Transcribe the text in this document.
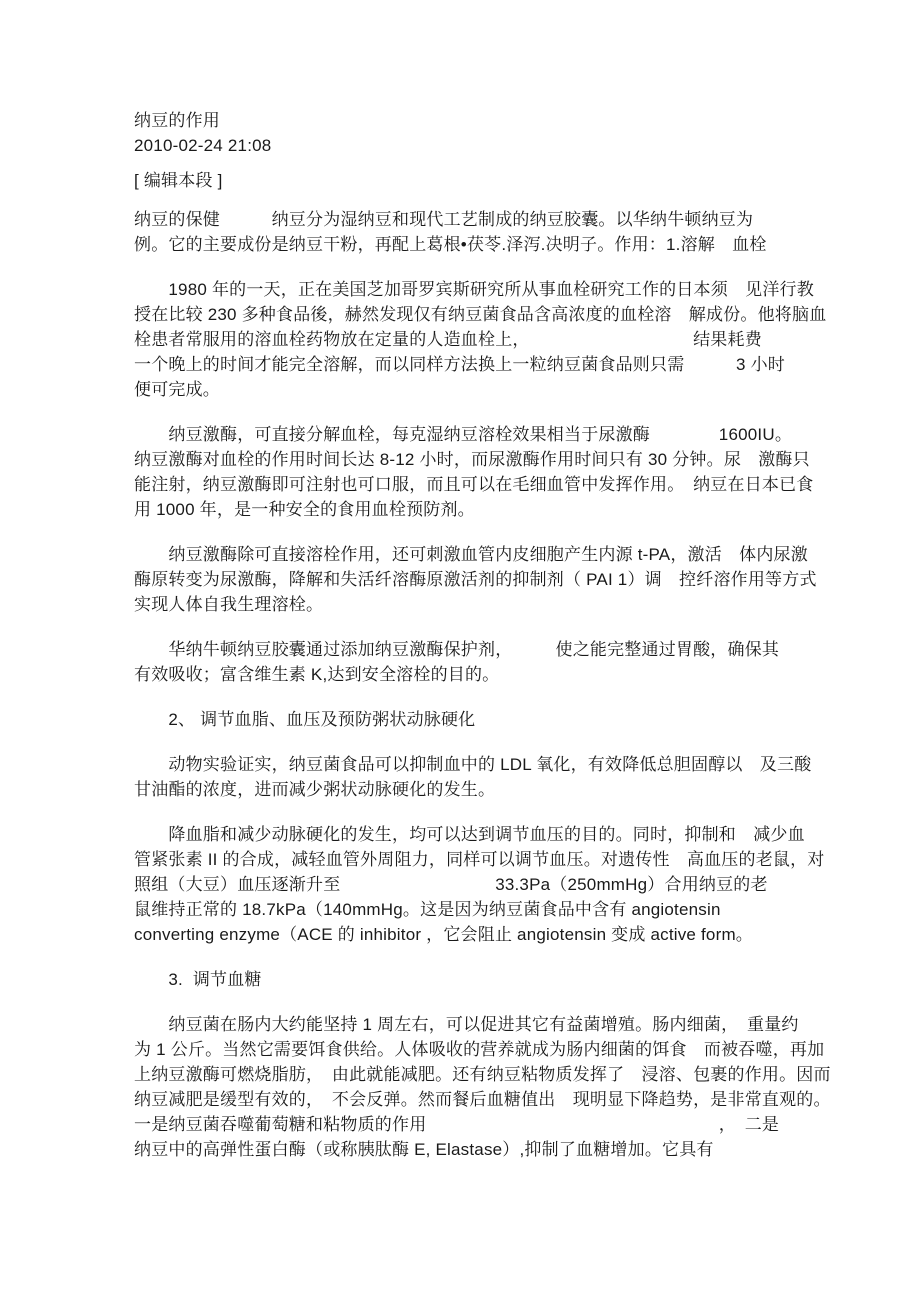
纳豆的作用
2010-02-24 21:08
[ 编辑本段 ]
纳豆的保健　　　纳豆分为湿纳豆和现代工艺制成的纳豆胶囊。以华纳牛顿纳豆为
例。它的主要成份是纳豆干粉，再配上葛根•茯苓.泽泻.决明子。作用：1.溶解　血栓
　　1980 年的一天，正在美国芝加哥罗宾斯研究所从事血栓研究工作的日本须　见洋行教
授在比较 230 多种食品後，赫然发现仅有纳豆菌食品含高浓度的血栓溶　解成份。他将脑血
栓患者常服用的溶血栓药物放在定量的人造血栓上，　　　　　　　　　　结果耗费
一个晚上的时间才能完全溶解，而以同样方法换上一粒纳豆菌食品则只需　　　3 小时
便可完成。
　　纳豆激酶，可直接分解血栓，每克湿纳豆溶栓效果相当于尿激酶　　　　1600IU。
纳豆激酶对血栓的作用时间长达 8-12 小时，而尿激酶作用时间只有 30 分钟。尿　激酶只
能注射，纳豆激酶即可注射也可口服，而且可以在毛细血管中发挥作用。　纳豆在日本已食
用 1000 年，是一种安全的食用血栓预防剂。
　　纳豆激酶除可直接溶栓作用，还可刺激血管内皮细胞产生内源 t-PA，激活　体内尿激
酶原转变为尿激酶，降解和失活纤溶酶原激活剂的抑制剂（ PAI 1）调　控纤溶作用等方式
实现人体自我生理溶栓。
　　华纳牛顿纳豆胶囊通过添加纳豆激酶保护剂，　　　使之能完整通过胃酸，确保其
有效吸收；富含维生素 K,达到安全溶栓的目的。
　　2、 调节血脂、血压及预防粥状动脉硬化
　　动物实验证实，纳豆菌食品可以抑制血中的 LDL 氧化，有效降低总胆固醇以　及三酸
甘油酯的浓度，进而减少粥状动脉硬化的发生。
　　降血脂和减少动脉硬化的发生，均可以达到调节血压的目的。同时，抑制和　减少血
管紧张素 II 的合成，减轻血管外周阻力，同样可以调节血压。对遗传性　高血压的老鼠，对
照组（大豆）血压逐渐升至　　　　　　　　　33.3Pa（250mmHg）合用纳豆的老
鼠维持正常的 18.7kPa（140mmHg。这是因为纳豆菌食品中含有 angiotensin
converting enzyme（ACE 的 inhibitor ，它会阻止 angiotensin 变成 active form。
　　3.  调节血糖
　　纳豆菌在肠内大约能坚持 1 周左右，可以促进其它有益菌增殖。肠内细菌，　重量约
为 1 公斤。当然它需要饵食供给。人体吸收的营养就成为肠内细菌的饵食　而被吞噬，再加
上纳豆激酶可燃烧脂肪，　由此就能减肥。还有纳豆粘物质发挥了　浸溶、包裹的作用。因而
纳豆减肥是缓型有效的，　不会反弹。然而餐后血糖值出　现明显下降趋势，是非常直观的。
一是纳豆菌吞噬葡萄糖和粘物质的作用　　　　　　　　　　　　　　　　　，　二是
纳豆中的高弹性蛋白酶（或称胰肽酶 E, Elastase）,抑制了血糖增加。它具有
